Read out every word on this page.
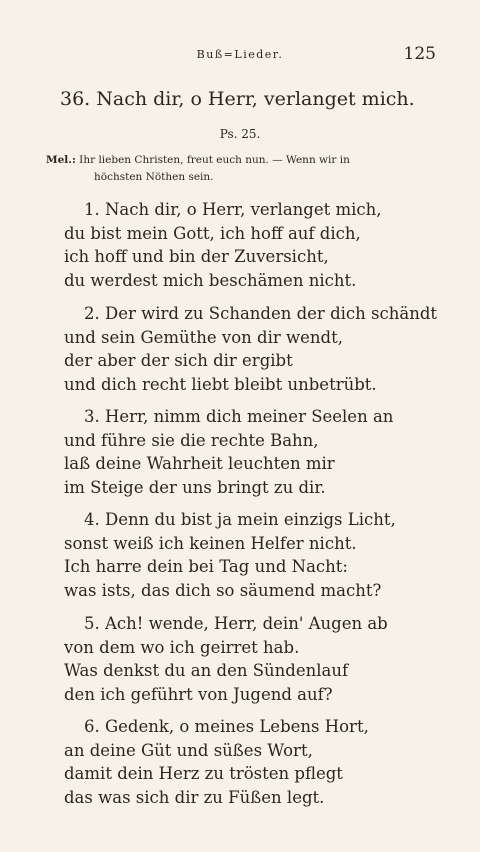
Buß=Lieder.	125
36. Nach dir, o Herr, verlanget mich.
Ps. 25.
Mel.: Ihr lieben Christen, freut euch nun. — Wenn wir in
höchsten Nöthen sein.
1. Nach dir, o Herr, verlanget mich,
du bist mein Gott, ich hoff auf dich,
ich hoff und bin der Zuversicht,
du werdest mich beschämen nicht.
2. Der wird zu Schanden der dich schändt
und sein Gemüthe von dir wendt,
der aber der sich dir ergibt
und dich recht liebt bleibt unbetrübt.
3. Herr, nimm dich meiner Seelen an
und führe sie die rechte Bahn,
laß deine Wahrheit leuchten mir
im Steige der uns bringt zu dir.
4. Denn du bist ja mein einzigs Licht,
sonst weiß ich keinen Helfer nicht.
Ich harre dein bei Tag und Nacht:
was ists, das dich so säumend macht?
5. Ach! wende, Herr, dein' Augen ab
von dem wo ich geirret hab.
Was denkst du an den Sündenlauf
den ich geführt von Jugend auf?
6. Gedenk, o meines Lebens Hort,
an deine Güt und süßes Wort,
damit dein Herz zu trösten pflegt
das was sich dir zu Füßen legt.
